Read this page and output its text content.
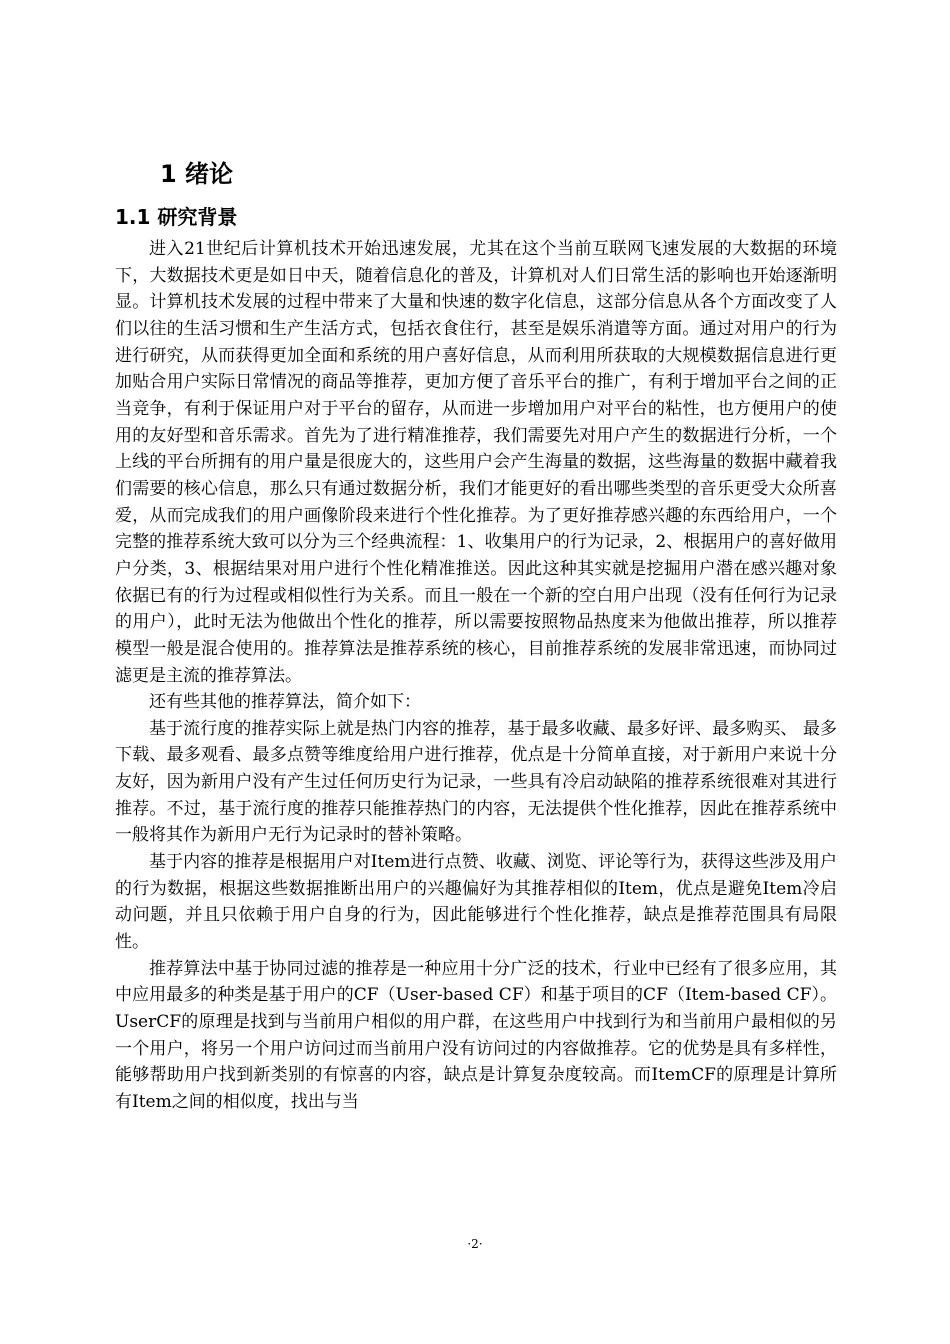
1 绪论
1.1 研究背景

进入21世纪后计算机技术开始迅速发展，尤其在这个当前互联网飞速发展的大数据的环境下，大数据技术更是如日中天，随着信息化的普及，计算机对人们日常生活的影响也开始逐渐明显。计算机技术发展的过程中带来了大量和快速的数字化信息，这部分信息从各个方面改变了人们以往的生活习惯和生产生活方式，包括衣食住行，甚至是娱乐消遣等方面。通过对用户的行为进行研究，从而获得更加全面和系统的用户喜好信息，从而利用所获取的大规模数据信息进行更加贴合用户实际日常情况的商品等推荐，更加方便了音乐平台的推广，有利于增加平台之间的正当竞争，有利于保证用户对于平台的留存，从而进一步增加用户对平台的粘性，也方便用户的使用的友好型和音乐需求。首先为了进行精准推荐，我们需要先对用户产生的数据进行分析，一个上线的平台所拥有的用户量是很庞大的，这些用户会产生海量的数据，这些海量的数据中藏着我们需要的核心信息，那么只有通过数据分析，我们才能更好的看出哪些类型的音乐更受大众所喜爱，从而完成我们的用户画像阶段来进行个性化推荐。为了更好推荐感兴趣的东西给用户，一个完整的推荐系统大致可以分为三个经典流程：1、收集用户的行为记录，2、根据用户的喜好做用户分类，3、根据结果对用户进行个性化精准推送。因此这种其实就是挖掘用户潜在感兴趣对象依据已有的行为过程或相似性行为关系。而且一般在一个新的空白用户出现（没有任何行为记录的用户），此时无法为他做出个性化的推荐，所以需要按照物品热度来为他做出推荐，所以推荐模型一般是混合使用的。推荐算法是推荐系统的核心，目前推荐系统的发展非常迅速，而协同过滤更是主流的推荐算法。

还有些其他的推荐算法，简介如下：

基于流行度的推荐实际上就是热门内容的推荐，基于最多收藏、最多好评、最多购买、 最多下载、最多观看、最多点赞等维度给用户进行推荐，优点是十分简单直接，对于新用户来说十分友好，因为新用户没有产生过任何历史行为记录，一些具有冷启动缺陷的推荐系统很难对其进行推荐。不过，基于流行度的推荐只能推荐热门的内容，无法提供个性化推荐，因此在推荐系统中一般将其作为新用户无行为记录时的替补策略。

基于内容的推荐是根据用户对Item进行点赞、收藏、浏览、评论等行为，获得这些涉及用户的行为数据，根据这些数据推断出用户的兴趣偏好为其推荐相似的Item，优点是避免Item冷启动问题，并且只依赖于用户自身的行为，因此能够进行个性化推荐，缺点是推荐范围具有局限性。

推荐算法中基于协同过滤的推荐是一种应用十分广泛的技术，行业中已经有了很多应用，其中应用最多的种类是基于用户的CF（User-based CF）和基于项目的CF（Item-based CF）。UserCF的原理是找到与当前用户相似的用户群，在这些用户中找到行为和当前用户最相似的另一个用户，将另一个用户访问过而当前用户没有访问过的内容做推荐。它的优势是具有多样性，能够帮助用户找到新类别的有惊喜的内容，缺点是计算复杂度较高。而ItemCF的原理是计算所有Item之间的相似度，找出与当

·2·
